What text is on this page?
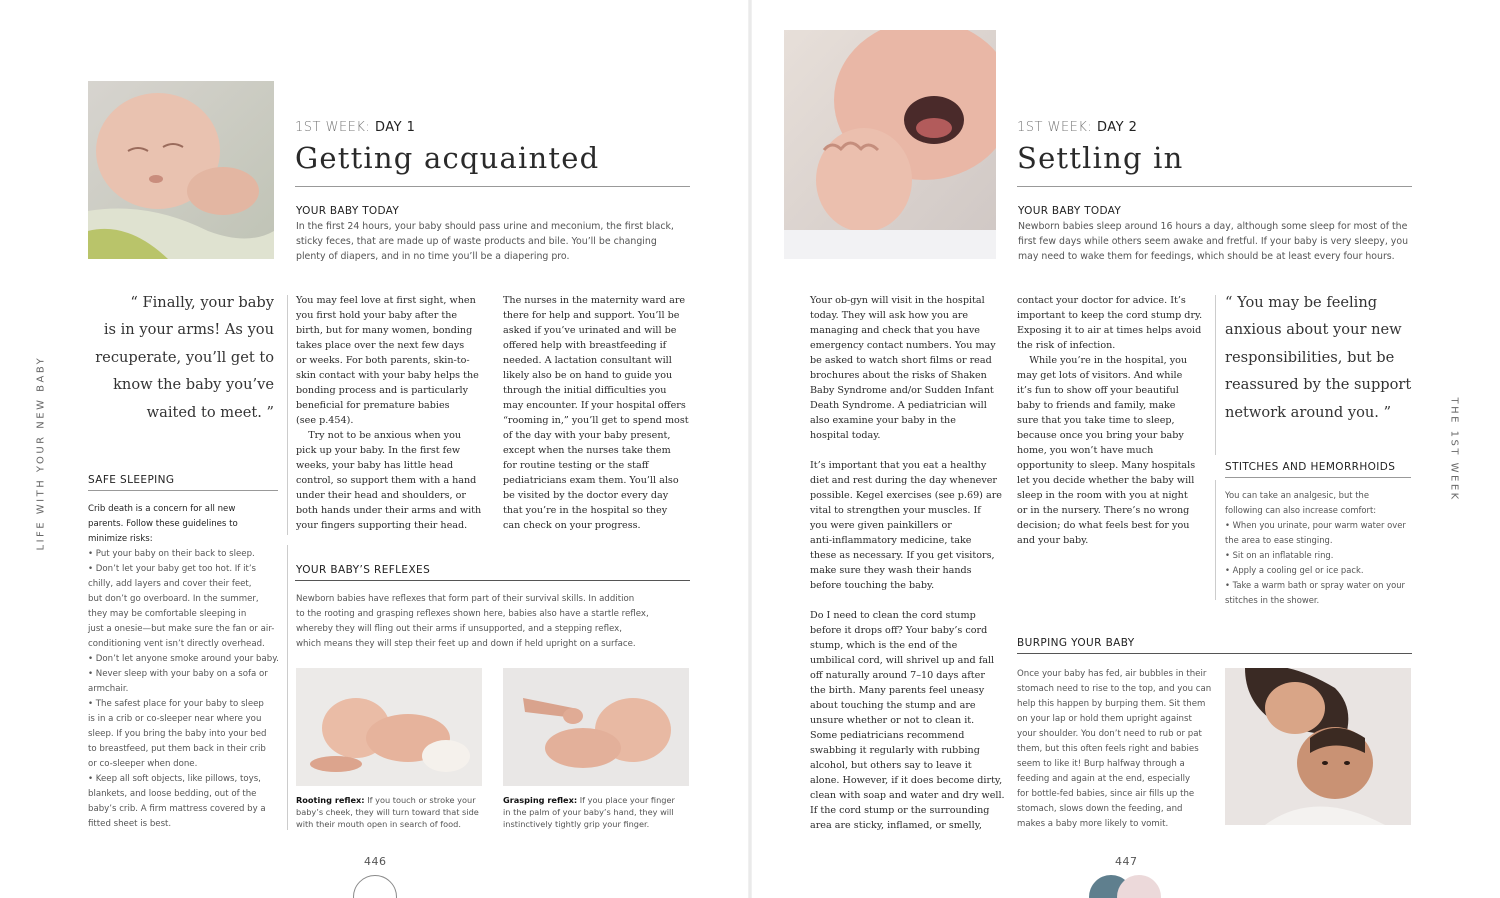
1ST WEEK: DAY 1
Getting acquainted
YOUR BABY TODAY
In the first 24 hours, your baby should pass urine and meconium, the first black,
sticky feces, that are made up of waste products and bile. You’ll be changing
plenty of diapers, and in no time you’ll be a diapering pro.
“ Finally, your baby
is in your arms! As you
recuperate, you’ll get to
know the baby you’ve
waited to meet. ”
You may feel love at first sight, when
you first hold your baby after the
birth, but for many women, bonding
takes place over the next few days
or weeks. For both parents, skin-to-
skin contact with your baby helps the
bonding process and is particularly
beneficial for premature babies
(see p.454).
Try not to be anxious when you
pick up your baby. In the first few
weeks, your baby has little head
control, so support them with a hand
under their head and shoulders, or
both hands under their arms and with
your fingers supporting their head.
The nurses in the maternity ward are
there for help and support. You’ll be
asked if you’ve urinated and will be
offered help with breastfeeding if
needed. A lactation consultant will
likely also be on hand to guide you
through the initial difficulties you
may encounter. If your hospital offers
“rooming in,” you’ll get to spend most
of the day with your baby present,
except when the nurses take them
for routine testing or the staff
pediatricians exam them. You’ll also
be visited by the doctor every day
that you’re in the hospital so they
can check on your progress.
SAFE SLEEPING
Crib death is a concern for all new
parents. Follow these guidelines to
minimize risks:
• Put your baby on their back to sleep.
• Don’t let your baby get too hot. If it’s
chilly, add layers and cover their feet,
but don’t go overboard. In the summer,
they may be comfortable sleeping in
just a onesie—but make sure the fan or air-
conditioning vent isn’t directly overhead.
• Don’t let anyone smoke around your baby.
• Never sleep with your baby on a sofa or
armchair.
• The safest place for your baby to sleep
is in a crib or co-sleeper near where you
sleep. If you bring the baby into your bed
to breastfeed, put them back in their crib
or co-sleeper when done.
• Keep all soft objects, like pillows, toys,
blankets, and loose bedding, out of the
baby’s crib. A firm mattress covered by a
fitted sheet is best.
YOUR BABY’S REFLEXES
Newborn babies have reflexes that form part of their survival skills. In addition
to the rooting and grasping reflexes shown here, babies also have a startle reflex,
whereby they will fling out their arms if unsupported, and a stepping reflex,
which means they will step their feet up and down if held upright on a surface.
Rooting reflex: If you touch or stroke your
baby’s cheek, they will turn toward that side
with their mouth open in search of food.
Grasping reflex: If you place your finger
in the palm of your baby’s hand, they will
instinctively tightly grip your finger.
LIFE WITH YOUR NEW BABY
446
1ST WEEK: DAY 2
Settling in
YOUR BABY TODAY
Newborn babies sleep around 16 hours a day, although some sleep for most of the
first few days while others seem awake and fretful. If your baby is very sleepy, you
may need to wake them for feedings, which should be at least every four hours.
Your ob-gyn will visit in the hospital
today. They will ask how you are
managing and check that you have
emergency contact numbers. You may
be asked to watch short films or read
brochures about the risks of Shaken
Baby Syndrome and/or Sudden Infant
Death Syndrome. A pediatrician will
also examine your baby in the
hospital today.
It’s important that you eat a healthy
diet and rest during the day whenever
possible. Kegel exercises (see p.69) are
vital to strengthen your muscles. If
you were given painkillers or
anti-inflammatory medicine, take
these as necessary. If you get visitors,
make sure they wash their hands
before touching the baby.
Do I need to clean the cord stump
before it drops off? Your baby’s cord
stump, which is the end of the
umbilical cord, will shrivel up and fall
off naturally around 7–10 days after
the birth. Many parents feel uneasy
about touching the stump and are
unsure whether or not to clean it.
Some pediatricians recommend
swabbing it regularly with rubbing
alcohol, but others say to leave it
alone. However, if it does become dirty,
clean with soap and water and dry well.
If the cord stump or the surrounding
area are sticky, inflamed, or smelly,
contact your doctor for advice. It’s
important to keep the cord stump dry.
Exposing it to air at times helps avoid
the risk of infection.
While you’re in the hospital, you
may get lots of visitors. And while
it’s fun to show off your beautiful
baby to friends and family, make
sure that you take time to sleep,
because once you bring your baby
home, you won’t have much
opportunity to sleep. Many hospitals
let you decide whether the baby will
sleep in the room with you at night
or in the nursery. There’s no wrong
decision; do what feels best for you
and your baby.
“ You may be feeling
anxious about your new
responsibilities, but be
reassured by the support
network around you. ”
STITCHES AND HEMORRHOIDS
You can take an analgesic, but the
following can also increase comfort:
• When you urinate, pour warm water over
the area to ease stinging.
• Sit on an inflatable ring.
• Apply a cooling gel or ice pack.
• Take a warm bath or spray water on your
stitches in the shower.
BURPING YOUR BABY
Once your baby has fed, air bubbles in their
stomach need to rise to the top, and you can
help this happen by burping them. Sit them
on your lap or hold them upright against
your shoulder. You don’t need to rub or pat
them, but this often feels right and babies
seem to like it! Burp halfway through a
feeding and again at the end, especially
for bottle-fed babies, since air fills up the
stomach, slows down the feeding, and
makes a baby more likely to vomit.
THE 1ST WEEK
447
